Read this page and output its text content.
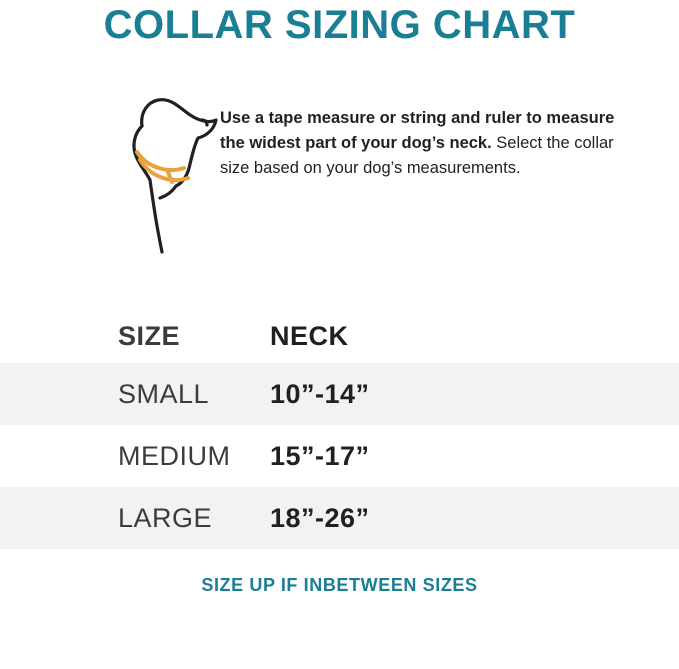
COLLAR SIZING CHART
Use a tape measure or string and ruler to measure the widest part of your dog’s neck. Select the collar size based on your dog’s measurements.
SIZE	NECK
SMALL	10”-14”
MEDIUM	15”-17”
LARGE	18”-26”
SIZE UP IF INBETWEEN SIZES
